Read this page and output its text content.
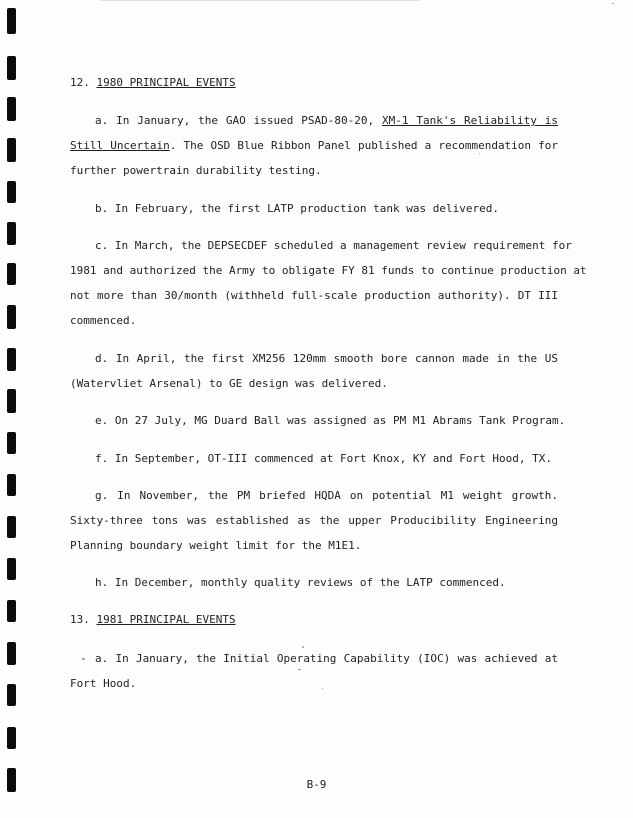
12. 1980 PRINCIPAL EVENTS
a. In January, the GAO issued PSAD-80-20, XM-1 Tank's Reliability is
Still Uncertain. The OSD Blue Ribbon Panel published a recommendation for
further powertrain durability testing.
b. In February, the first LATP production tank was delivered.
c. In March, the DEPSECDEF scheduled a management review requirement for
1981 and authorized the Army to obligate FY 81 funds to continue production at
not more than 30/month (withheld full-scale production authority). DT III
commenced.
d. In April, the first XM256 120mm smooth bore cannon made in the US
(Watervliet Arsenal) to GE design was delivered.
e. On 27 July, MG Duard Ball was assigned as PM M1 Abrams Tank Program.
f. In September, OT-III commenced at Fort Knox, KY and Fort Hood, TX.
g. In November, the PM briefed HQDA on potential M1 weight growth.
Sixty-three tons was established as the upper Producibility Engineering
Planning boundary weight limit for the M1E1.
h. In December, monthly quality reviews of the LATP commenced.
13. 1981 PRINCIPAL EVENTS
a. In January, the Initial Operating Capability (IOC) was achieved at
Fort Hood.
B-9
